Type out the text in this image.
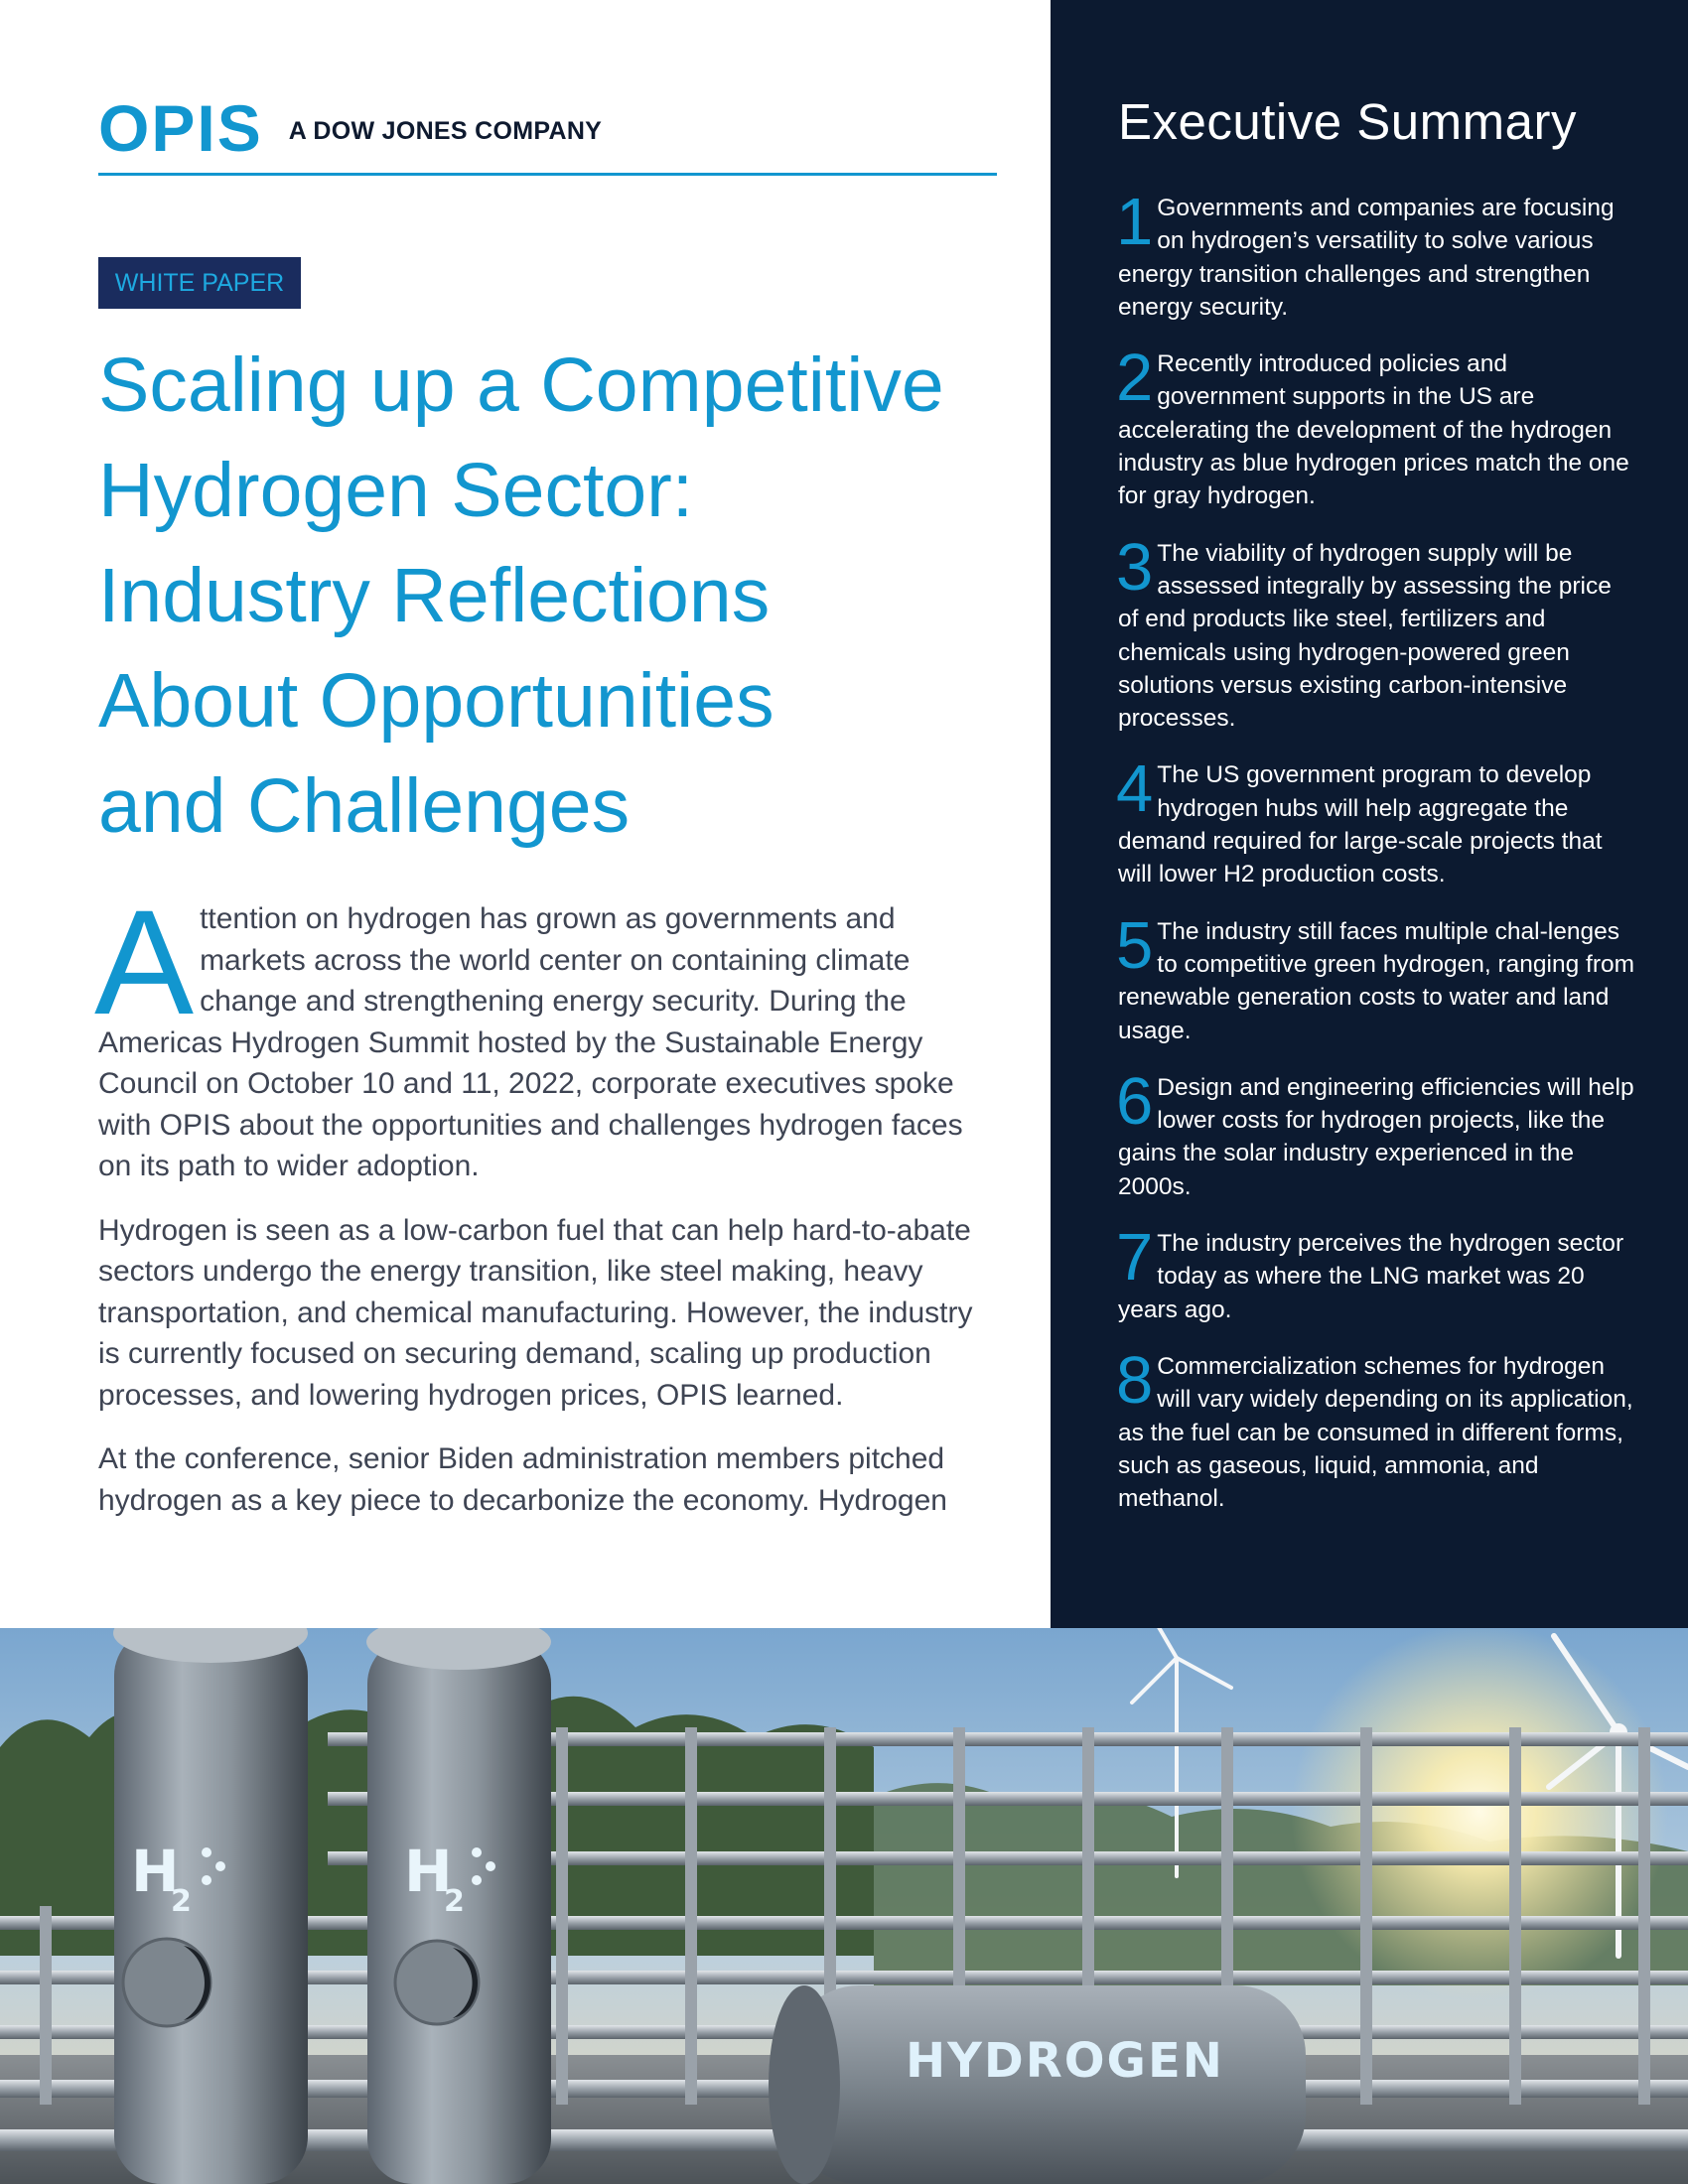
OPIS A DOW JONES COMPANY
WHITE PAPER
Scaling up a Competitive
Hydrogen Sector:
Industry Reflections
About Opportunities
and Challenges

A ttention on hydrogen has grown as governments and markets across the world center on containing climate change and strengthening energy security. During the Americas Hydrogen Summit hosted by the Sustainable Energy Council on October 10 and 11, 2022, corporate executives spoke with OPIS about the opportunities and challenges hydrogen faces on its path to wider adoption.

Hydrogen is seen as a low-carbon fuel that can help hard-to-abate sectors undergo the energy transition, like steel making, heavy transportation, and chemical manufacturing. However, the industry is currently focused on securing demand, scaling up production processes, and lowering hydrogen prices, OPIS learned.

At the conference, senior Biden administration members pitched hydrogen as a key piece to decarbonize the economy. Hydrogen

Executive Summary
1 Governments and companies are focusing on hydrogen’s versatility to solve various energy transition challenges and strengthen energy security.
2 Recently introduced policies and government supports in the US are accelerating the development of the hydrogen industry as blue hydrogen prices match the one for gray hydrogen.
3 The viability of hydrogen supply will be assessed integrally by assessing the price of end products like steel, fertilizers and chemicals using hydrogen-powered green solutions versus existing carbon-intensive processes.
4 The US government program to develop hydrogen hubs will help aggregate the demand required for large-scale projects that will lower H2 production costs.
5 The industry still faces multiple chal-lenges to competitive green hydrogen, ranging from renewable generation costs to water and land usage.
6 Design and engineering efficiencies will help lower costs for hydrogen projects, like the gains the solar industry experienced in the 2000s.
7 The industry perceives the hydrogen sector today as where the LNG market was 20 years ago.
8 Commercialization schemes for hydrogen will vary widely depending on its application, as the fuel can be consumed in different forms, such as gaseous, liquid, ammonia, and methanol.
H
2	H
2
HYDROGEN
